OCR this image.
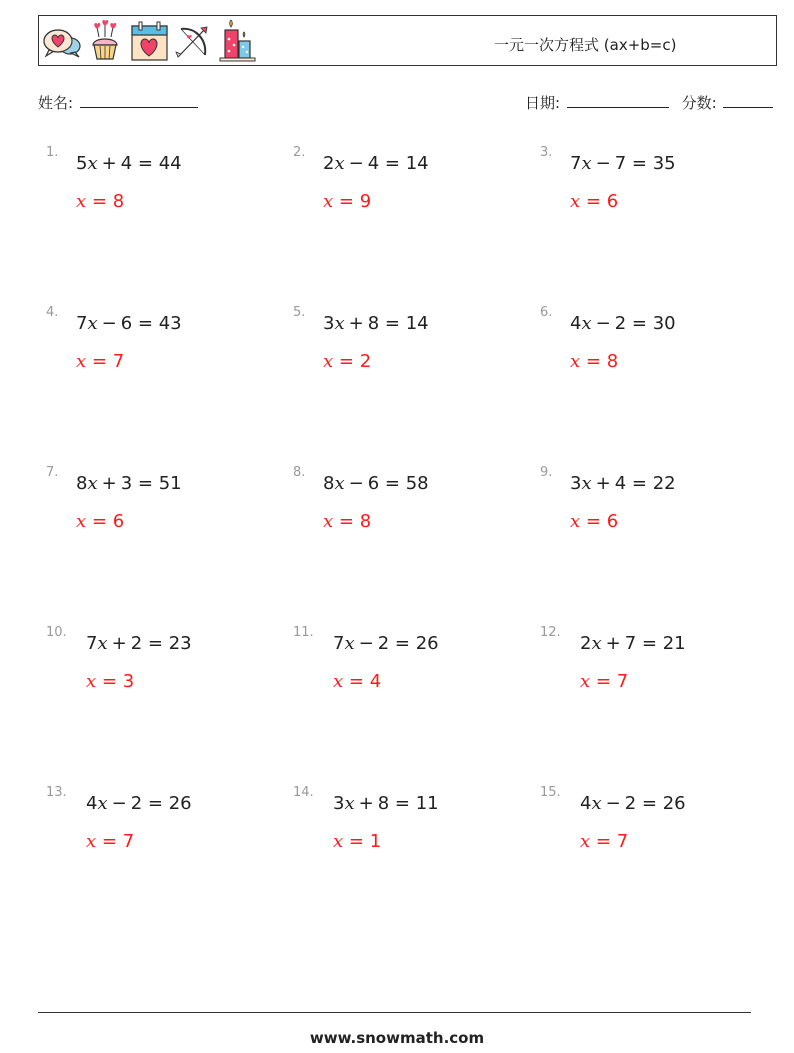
一元一次方程式 (ax+b=c)
姓名:	日期:	分数:
1.
5x + 4 = 44
x = 8
2.
2x − 4 = 14
x = 9
3.
7x − 7 = 35
x = 6
4.
7x − 6 = 43
x = 7
5.
3x + 8 = 14
x = 2
6.
4x − 2 = 30
x = 8
7.
8x + 3 = 51
x = 6
8.
8x − 6 = 58
x = 8
9.
3x + 4 = 22
x = 6
10.
7x + 2 = 23
x = 3
11.
7x − 2 = 26
x = 4
12.
2x + 7 = 21
x = 7
13.
4x − 2 = 26
x = 7
14.
3x + 8 = 11
x = 1
15.
4x − 2 = 26
x = 7
www.snowmath.com
